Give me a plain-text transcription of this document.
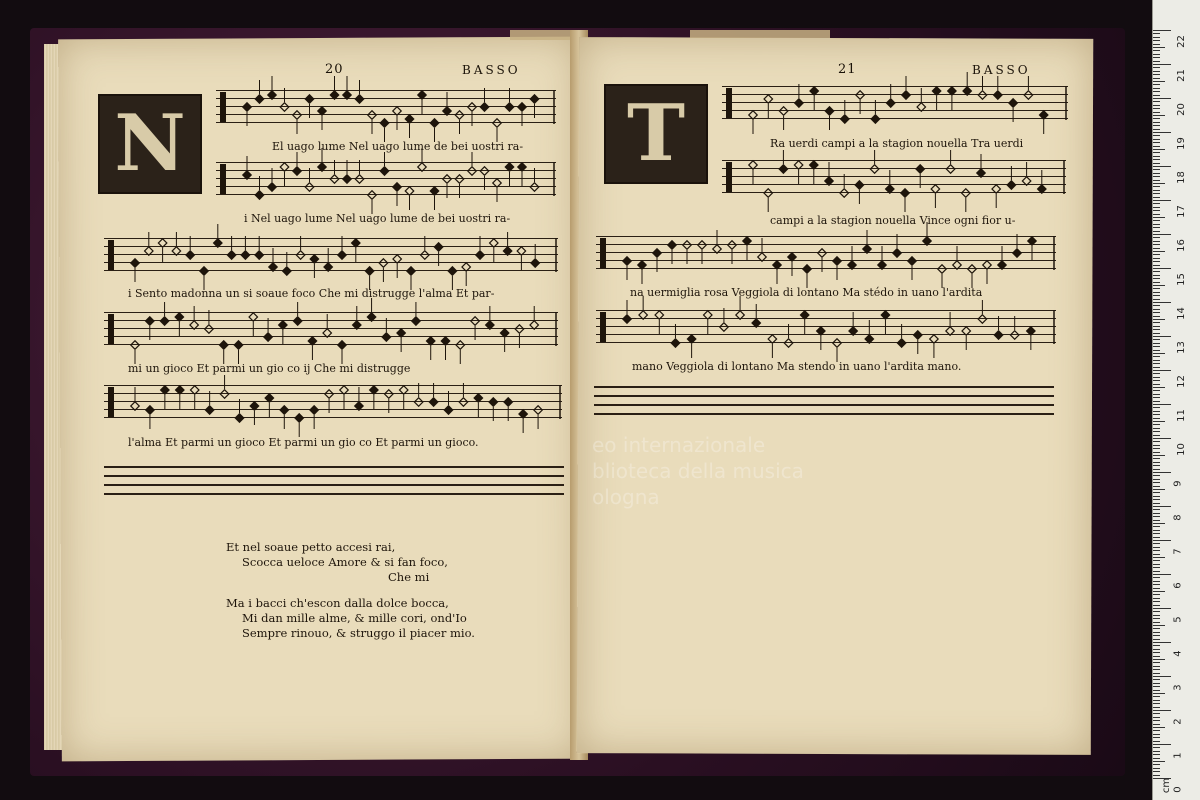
20	BASSO
N	El uago lume Nel uago lume de bei uostri ra-
i Nel uago lume Nel uago lume de bei uostri ra-
i Sento madonna un si soaue foco Che mi distrugge l'alma Et par-
mi un gioco Et parmi un gio co ij Che mi distrugge
l'alma Et parmi un gioco Et parmi un gio co Et parmi un gioco.
Et nel soaue petto accesi rai,
Scocca ueloce Amore & si fan foco,
Che mi
Ma i bacci ch'escon dalla dolce bocca,
Mi dan mille alme, & mille cori, ond'Io
Sempre rinouo, & struggo il piacer mio.
21	BASSO
T	Ra uerdi campi a la stagion nouella Tra uerdi
campi a la stagion nouella Vince ogni fior u-
na uermiglia rosa Veggiola di lontano Ma stédo in uano l'ardita
mano Veggiola di lontano Ma stendo in uano l'ardita mano.
eo internazionale
blioteca della musica
ologna
22
21
20
19
18
17
16
15
14
13
12
11
10
9
8
7
6
5
4
3
2
1
0
cm
